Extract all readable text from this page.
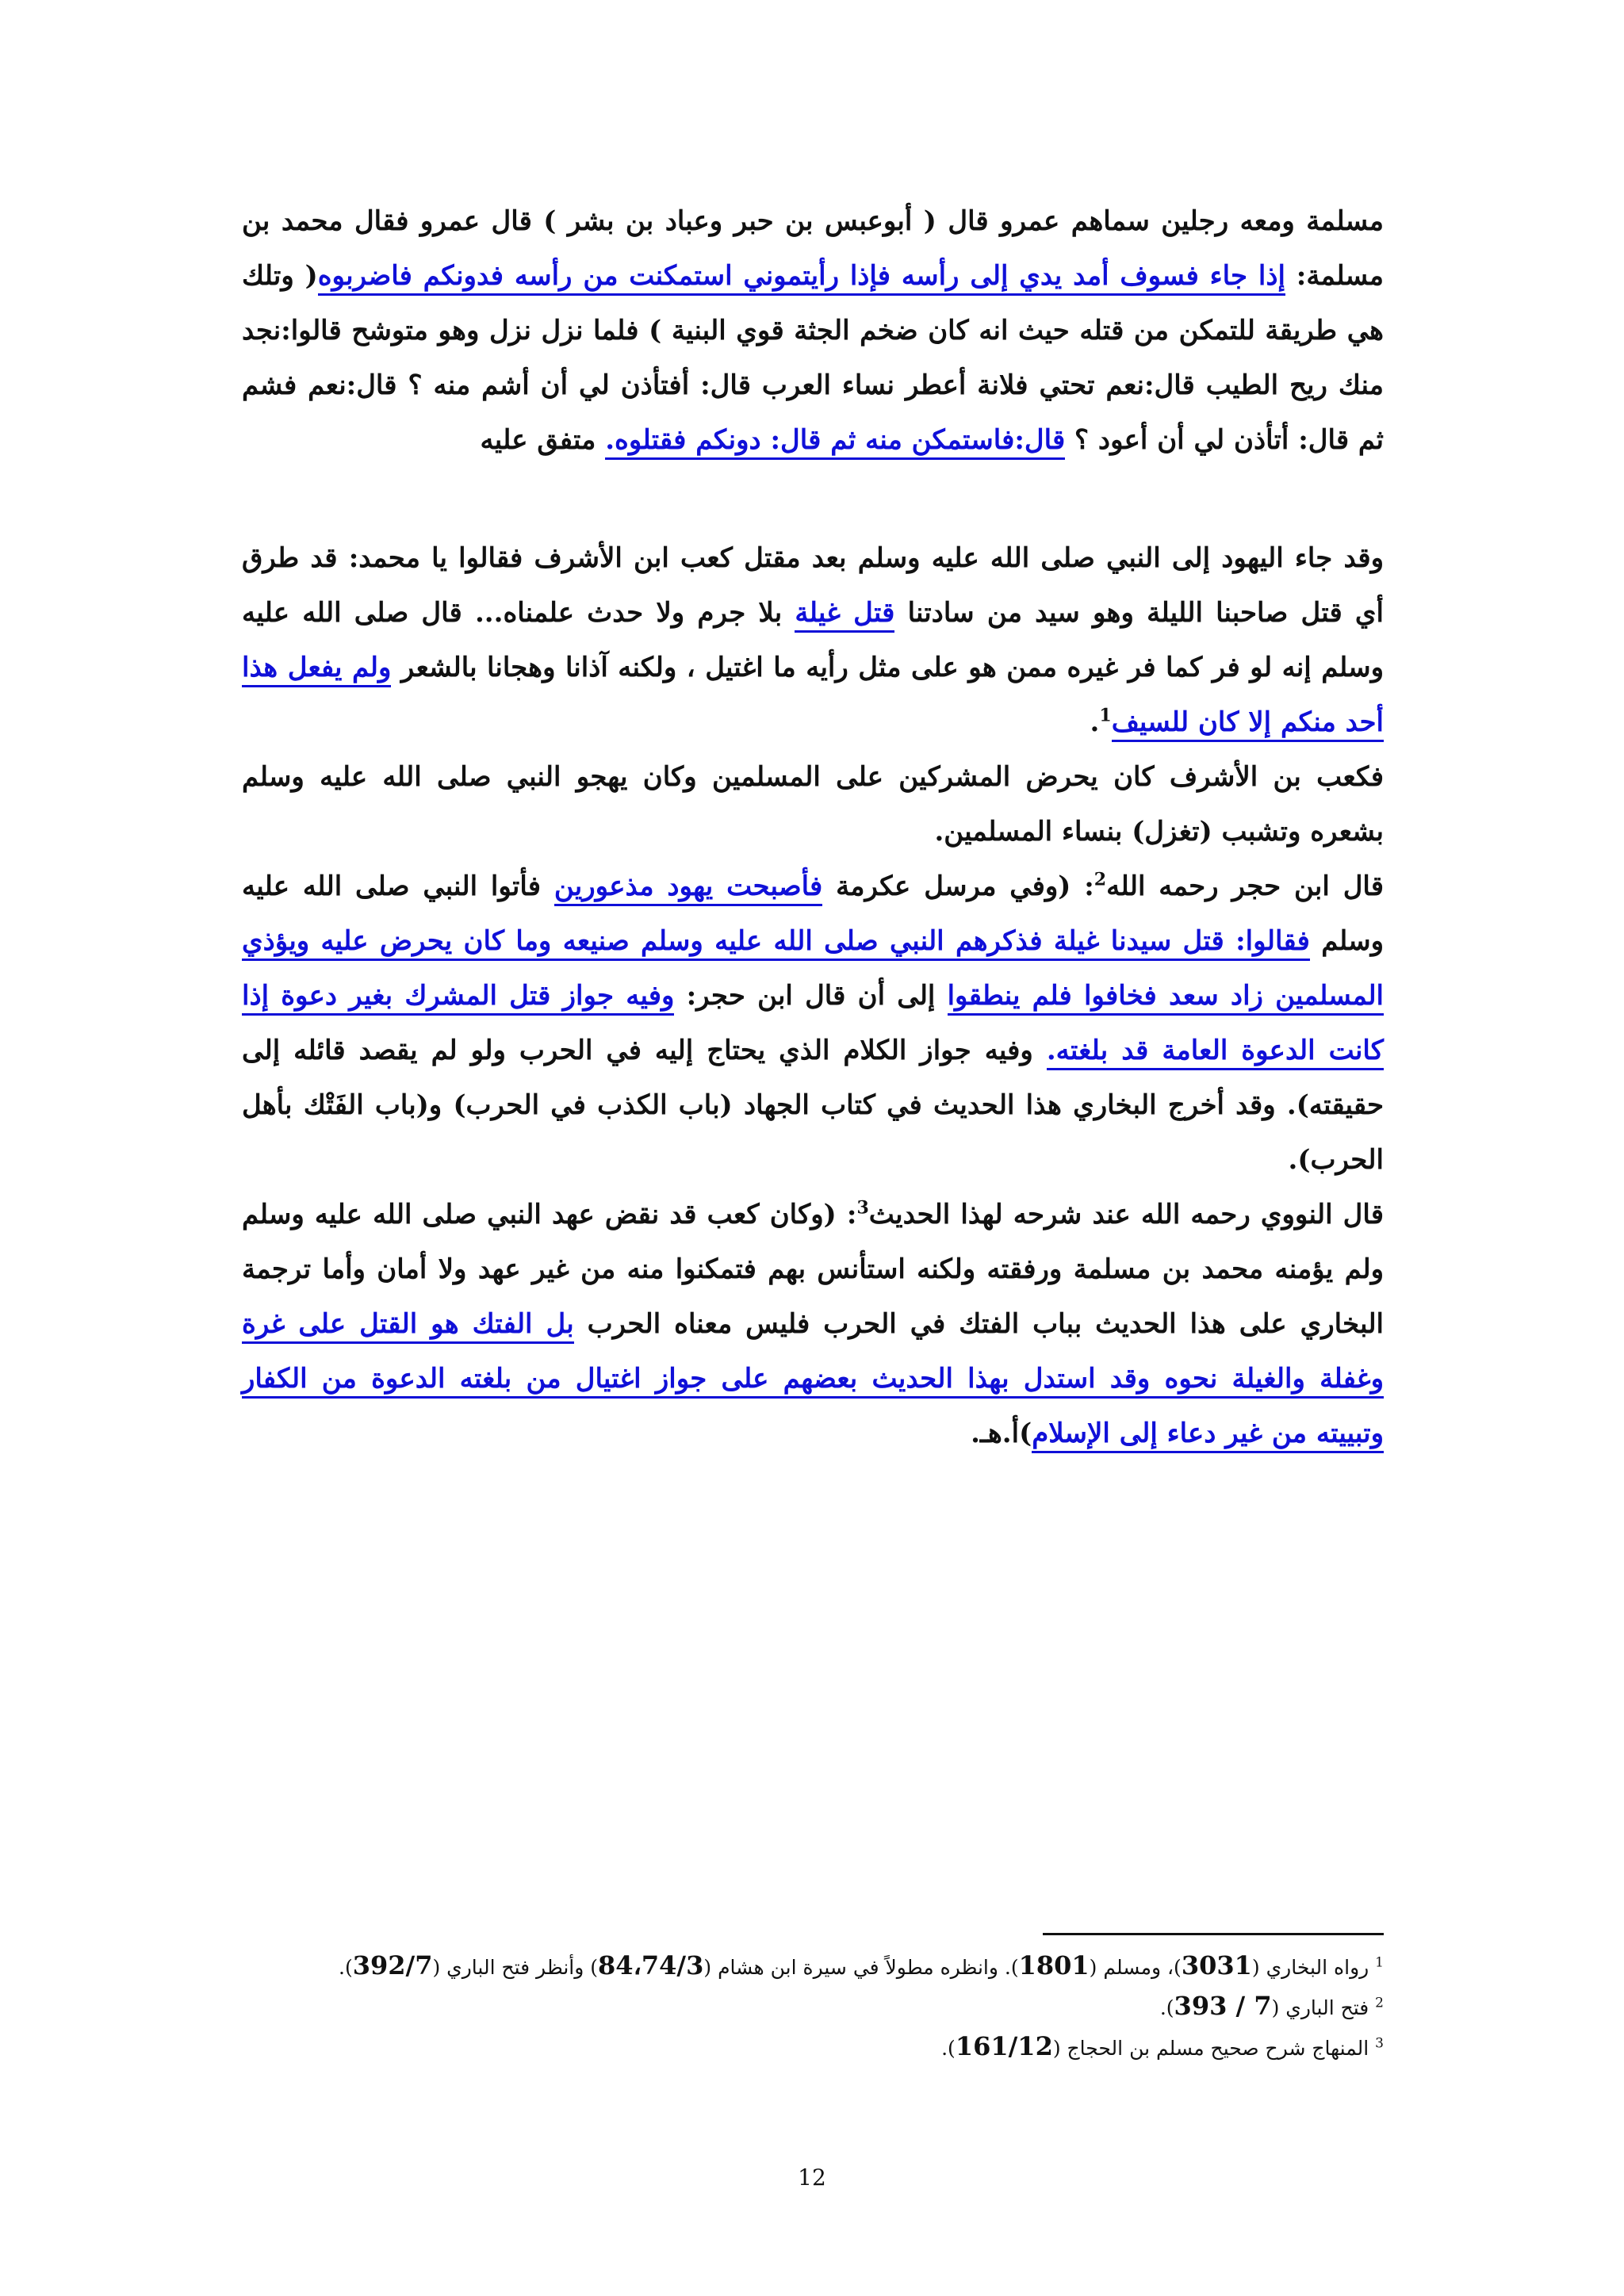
مسلمة ومعه رجلين سماهم عمرو قال ( أبوعبس بن حبر وعباد بن بشر ) قال عمرو فقال محمد بن مسلمة: إذا جاء فسوف أمد يدي إلى رأسه فإذا رأيتموني استمكنت من رأسه فدونكم فاضربوه( وتلك هي طريقة للتمكن من قتله حيث انه كان ضخم الجثة قوي البنية ) فلما نزل نزل وهو متوشح قالوا:نجد منك ريح الطيب قال:نعم تحتي فلانة أعطر نساء العرب قال: أفتأذن لي أن أشم منه ؟ قال:نعم فشم ثم قال: أتأذن لي أن أعود ؟ قال:فاستمكن منه ثم قال: دونكم فقتلوه. متفق عليه

وقد جاء اليهود إلى النبي صلى الله عليه وسلم بعد مقتل كعب ابن الأشرف فقالوا يا محمد: قد طرق أي قتل صاحبنا الليلة وهو سيد من سادتنا قتل غيلة بلا جرم ولا حدث علمناه... قال صلى الله عليه وسلم إنه لو فر كما فر غيره ممن هو على مثل رأيه ما اغتيل ، ولكنه آذانا وهجانا بالشعر ولم يفعل هذا أحد منكم إلا كان للسيف$^1$.

فكعب بن الأشرف كان يحرض المشركين على المسلمين وكان يهجو النبي صلى الله عليه وسلم بشعره وتشبب (تغزل) بنساء المسلمين.

قال ابن حجر رحمه الله$^2$: (وفي مرسل عكرمة فأصبحت يهود مذعورين فأتوا النبي صلى الله عليه وسلم فقالوا: قتل سيدنا غيلة فذكرهم النبي صلى الله عليه وسلم صنيعه وما كان يحرض عليه ويؤذي المسلمين زاد سعد فخافوا فلم ينطقوا إلى أن قال ابن حجر: وفيه جواز قتل المشرك بغير دعوة إذا كانت الدعوة العامة قد بلغته. وفيه جواز الكلام الذي يحتاج إليه في الحرب ولو لم يقصد قائله إلى حقيقته). وقد أخرج البخاري هذا الحديث في كتاب الجهاد (باب الكذب في الحرب) و(باب الفَتْك بأهل الحرب).

قال النووي رحمه الله عند شرحه لهذا الحديث$^3$: (وكان كعب قد نقض عهد النبي صلى الله عليه وسلم ولم يؤمنه محمد بن مسلمة ورفقته ولكنه استأنس بهم فتمكنوا منه من غير عهد ولا أمان وأما ترجمة البخاري على هذا الحديث بباب الفتك في الحرب فليس معناه الحرب بل الفتك هو القتل على غرة وغفلة والغيلة نحوه وقد استدل بهذا الحديث بعضهم على جواز اغتيال من بلغته الدعوة من الكفار وتبييته من غير دعاء إلى الإسلام)أ.هـ.

$^1$ رواه البخاري (3031)، ومسلم (1801). وانظره مطولاً في سيرة ابن هشام (84،74/3) وأنظر فتح الباري (392/7).

$^2$ فتح الباري (7 / 393).

$^3$ المنهاج شرح صحيح مسلم بن الحجاج (161/12).

12
